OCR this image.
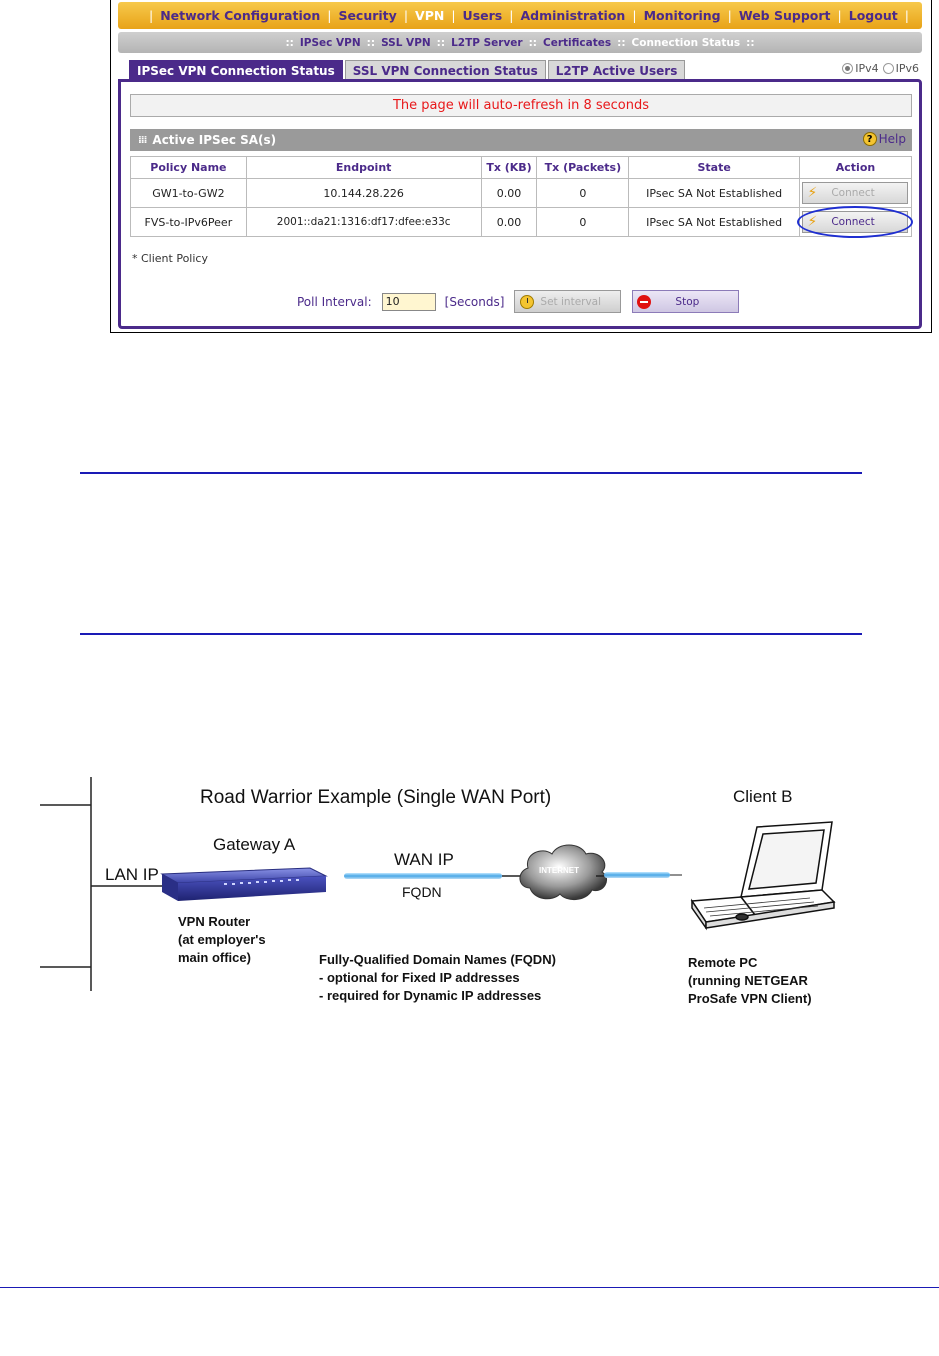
| Network Configuration | Security | VPN | Users | Administration | Monitoring | Web Support | Logout |
:: IPSec VPN :: SSL VPN :: L2TP Server :: Certificates :: Connection Status ::
IPSec VPN Connection Status	SSL VPN Connection Status	L2TP Active Users	IPv4 IPv6
The page will auto-refresh in 8 seconds
⁞⁞⁞ Active IPSec SA(s)	? Help
Policy Name	Endpoint	Tx (KB)	Tx (Packets)	State	Action
GW1-to-GW2	10.144.28.226	0.00	0	IPsec SA Not Established	⚡ Connect

FVS-to-IPv6Peer	2001::da21:1316:df17:dfee:e33c	0.00	0	IPsec SA Not Established	⚡ Connect
* Client Policy
Poll Interval:
10	[Seconds]	Set interval	Stop
Road Warrior Example (Single WAN Port)	Client B
Gateway A
LAN IP
WAN IP
FQDN
INTERNET
VPN Router
(at employer's
main office)	Fully-Qualified Domain Names (FQDN)
- optional for Fixed IP addresses
- required for Dynamic IP addresses
Remote PC
(running NETGEAR
ProSafe VPN Client)
